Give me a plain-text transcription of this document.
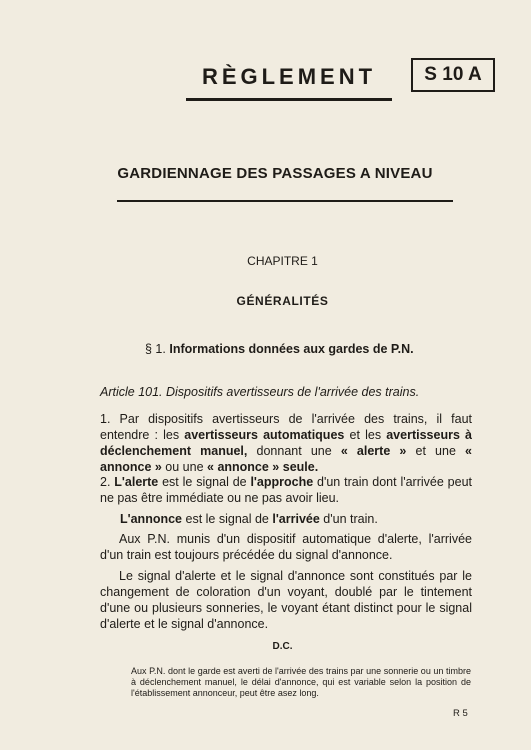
RÈGLEMENT	S 10 A
GARDIENNAGE DES PASSAGES A NIVEAU
CHAPITRE 1
GÉNÉRALITÉS
§ 1. Informations données aux gardes de P.N.
Article 101. Dispositifs avertisseurs de l'arrivée des trains.
1. Par dispositifs avertisseurs de l'arrivée des trains, il faut entendre : les avertisseurs automatiques et les avertisseurs à déclenchement manuel, donnant une « alerte » et une « annonce » ou une « annonce » seule.
2. L'alerte est le signal de l'approche d'un train dont l'arrivée peut ne pas être immédiate ou ne pas avoir lieu.
L'annonce est le signal de l'arrivée d'un train.
Aux P.N. munis d'un dispositif automatique d'alerte, l'arrivée d'un train est toujours précédée du signal d'annonce.
Le signal d'alerte et le signal d'annonce sont constitués par le changement de coloration d'un voyant, doublé par le tintement d'une ou plusieurs sonneries, le voyant étant distinct pour le signal d'alerte et le signal d'annonce.
D.C.
Aux P.N. dont le garde est averti de l'arrivée des trains par une sonnerie ou un timbre à déclenchement manuel, le délai d'annonce, qui est variable selon la position de l'établissement annonceur, peut être asez long.
R 5
